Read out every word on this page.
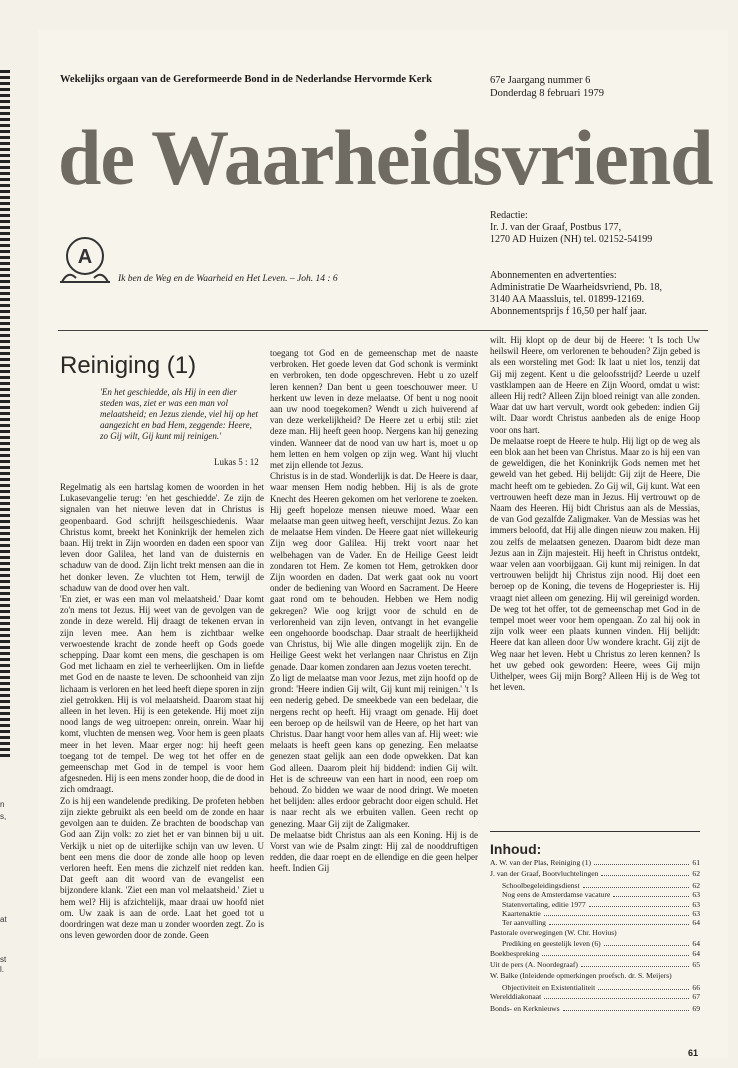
n
s,
at
st
l.
Wekelijks orgaan van de Gereformeerde Bond in de Nederlandse Hervormde Kerk	67e Jaargang nummer 6
Donderdag 8 februari 1979
de Waarheidsvriend
A
Ik ben de Weg en de Waarheid en Het Leven. – Joh. 14 : 6
Redactie:
Ir. J. van der Graaf, Postbus 177,
1270 AD Huizen (NH) tel. 02152-54199
Abonnementen en advertenties:
Administratie De Waarheidsvriend, Pb. 18,
3140 AA Maassluis, tel. 01899-12169.
Abonnementsprijs f 16,50 per half jaar.
Reiniging (1)
'En het geschiedde, als Hij in een dier steden was, ziet er was een man vol melaatsheid; en Jezus ziende, viel hij op het aangezicht en bad Hem, zeggende: Heere, zo Gij wilt, Gij kunt mij reinigen.'
Lukas 5 : 12

Regelmatig als een hartslag komen de woorden in het Lukasevangelie terug: 'en het geschiedde'. Ze zijn de signalen van het nieuwe leven dat in Christus is geopenbaard. God schrijft heilsgeschiedenis. Waar Christus komt, breekt het Koninkrijk der hemelen zich baan. Hij trekt in Zijn woorden en daden een spoor van leven door Galilea, het land van de duisternis en schaduw van de dood. Zijn licht trekt mensen aan die in het donker leven. Ze vluchten tot Hem, terwijl de schaduw van de dood over hen valt.

'En ziet, er was een man vol melaatsheid.' Daar komt zo'n mens tot Jezus. Hij weet van de gevolgen van de zonde in deze wereld. Hij draagt de tekenen ervan in zijn leven mee. Aan hem is zichtbaar welke verwoestende kracht de zonde heeft op Gods goede schepping. Daar komt een mens, die geschapen is om God met lichaam en ziel te verheerlijken. Om in liefde met God en de naaste te leven. De schoonheid van zijn lichaam is verloren en het leed heeft diepe sporen in zijn ziel getrokken. Hij is vol melaatsheid. Daarom staat hij alleen in het leven. Hij is een getekende. Hij moet zijn nood langs de weg uitroepen: onrein, onrein. Waar hij komt, vluchten de mensen weg. Voor hem is geen plaats meer in het leven. Maar erger nog: hij heeft geen toegang tot de tempel. De weg tot het offer en de gemeenschap met God in de tempel is voor hem afgesneden. Hij is een mens zonder hoop, die de dood in zich omdraagt.

Zo is hij een wandelende prediking. De profeten hebben zijn ziekte gebruikt als een beeld om de zonde en haar gevolgen aan te duiden. Ze brachten de boodschap van God aan Zijn volk: zo ziet het er van binnen bij u uit. Verkijk u niet op de uiterlijke schijn van uw leven. U bent een mens die door de zonde alle hoop op leven verloren heeft. Een mens die zichzelf niet redden kan. Dat geeft aan dit woord van de evangelist een bijzondere klank. 'Ziet een man vol melaatsheid.' Ziet u hem wel? Hij is afzichtelijk, maar draai uw hoofd niet om. Uw zaak is aan de orde. Laat het goed tot u doordringen wat deze man u zonder woorden zegt. Zo is ons leven geworden door de zonde. Geen

toegang tot God en de gemeenschap met de naaste verbroken. Het goede leven dat God schonk is verminkt en verbroken, ten dode opgeschreven. Hebt u zo uzelf leren kennen? Dan bent u geen toeschouwer meer. U herkent uw leven in deze melaatse. Of bent u nog nooit aan uw nood toegekomen? Wendt u zich huiverend af van deze werkelijkheid? De Heere zet u erbij stil: ziet deze man. Hij heeft geen hoop. Nergens kan hij genezing vinden. Wanneer dat de nood van uw hart is, moet u op hem letten en hem volgen op zijn weg. Want hij vlucht met zijn ellende tot Jezus.

Christus is in de stad. Wonderlijk is dat. De Heere is daar, waar mensen Hem nodig hebben. Hij is als de grote Knecht des Heeren gekomen om het verlorene te zoeken. Hij geeft hopeloze mensen nieuwe moed. Waar een melaatse man geen uitweg heeft, verschijnt Jezus. Zo kan de melaatse Hem vinden. De Heere gaat niet willekeurig Zijn weg door Galilea. Hij trekt voort naar het welbehagen van de Vader. En de Heilige Geest leidt zondaren tot Hem. Ze komen tot Hem, getrokken door Zijn woorden en daden. Dat werk gaat ook nu voort onder de bediening van Woord en Sacrament. De Heere gaat rond om te behouden. Hebben we Hem nodig gekregen? Wie oog krijgt voor de schuld en de verlorenheid van zijn leven, ontvangt in het evangelie een ongehoorde boodschap. Daar straalt de heerlijkheid van Christus, bij Wie alle dingen mogelijk zijn. En de Heilige Geest wekt het verlangen naar Christus en Zijn genade. Daar komen zondaren aan Jezus voeten terecht.

Zo ligt de melaatse man voor Jezus, met zijn hoofd op de grond: 'Heere indien Gij wilt, Gij kunt mij reinigen.' 't Is een nederig gebed. De smeekbede van een bedelaar, die nergens recht op heeft. Hij vraagt om genade. Hij doet een beroep op de heilswil van de Heere, op het hart van Christus. Daar hangt voor hem alles van af. Hij weet: wie melaats is heeft geen kans op genezing. Een melaatse genezen staat gelijk aan een dode opwekken. Dat kan God alleen. Daarom pleit hij biddend: indien Gij wilt. Het is de schreeuw van een hart in nood, een roep om behoud. Zo bidden we waar de nood dringt. We moeten het belijden: alles erdoor gebracht door eigen schuld. Het is naar recht als we erbuiten vallen. Geen recht op genezing. Maar Gij zijt de Zaligmaker.

De melaatse bidt Christus aan als een Koning. Hij is de Vorst van wie de Psalm zingt: Hij zal de nooddruftigen redden, die daar roept en de ellendige en die geen helper heeft. Indien Gij

wilt. Hij klopt op de deur bij de Heere: 't Is toch Uw heilswil Heere, om verlorenen te behouden? Zijn gebed is als een worsteling met God: Ik laat u niet los, tenzij dat Gij mij zegent. Kent u die geloofsstrijd? Leerde u uzelf vastklampen aan de Heere en Zijn Woord, omdat u wist: alleen Hij redt? Alleen Zijn bloed reinigt van alle zonden. Waar dat uw hart vervult, wordt ook gebeden: indien Gij wilt. Daar wordt Christus aanbeden als de enige Hoop voor ons hart.

De melaatse roept de Heere te hulp. Hij ligt op de weg als een blok aan het been van Christus. Maar zo is hij een van de geweldigen, die het Koninkrijk Gods nemen met het geweld van het gebed. Hij belijdt: Gij zijt de Heere, Die macht heeft om te gebieden. Zo Gij wil, Gij kunt. Wat een vertrouwen heeft deze man in Jezus. Hij vertrouwt op de Naam des Heeren. Hij bidt Christus aan als de Messias, de van God gezalfde Zaligmaker. Van de Messias was het immers beloofd, dat Hij alle dingen nieuw zou maken. Hij zou zelfs de melaatsen genezen. Daarom bidt deze man Jezus aan in Zijn majesteit. Hij heeft in Christus ontdekt, waar velen aan voorbijgaan. Gij kunt mij reinigen. In dat vertrouwen belijdt hij Christus zijn nood. Hij doet een beroep op de Koning, die tevens de Hogepriester is. Hij vraagt niet alleen om genezing. Hij wil gereinigd worden. De weg tot het offer, tot de gemeenschap met God in de tempel moet weer voor hem opengaan. Zo zal hij ook in zijn volk weer een plaats kunnen vinden. Hij belijdt: Heere dat kan alleen door Uw wondere kracht. Gij zijt de Weg naar het leven. Hebt u Christus zo leren kennen? Is het uw gebed ook geworden: Heere, wees Gij mijn Uithelper, wees Gij mijn Borg? Alleen Hij is de Weg tot het leven.

Inhoud:
A. W. van der Plas, Reiniging (1)	61
J. van der Graaf, Bootvluchtelingen	62
Schoolbegeleidingsdienst	62
Nog eens de Amsterdamse vacature	63
Statenvertaling, editie 1977	63
Kaartenaktie	63
Ter aanvulling	64
Pastorale overwegingen (W. Chr. Hovius)
Prediking en geestelijk leven (6)	64
Boekbespreking	64
Uit de pers (A. Noordegraaf)	65
W. Balke (Inleidende opmerkingen proefsch. dr. S. Meijers)
Objectiviteit en Existentialiteit	66
Werelddiakonaat	67
Bonds- en Kerknieuws	69
61
